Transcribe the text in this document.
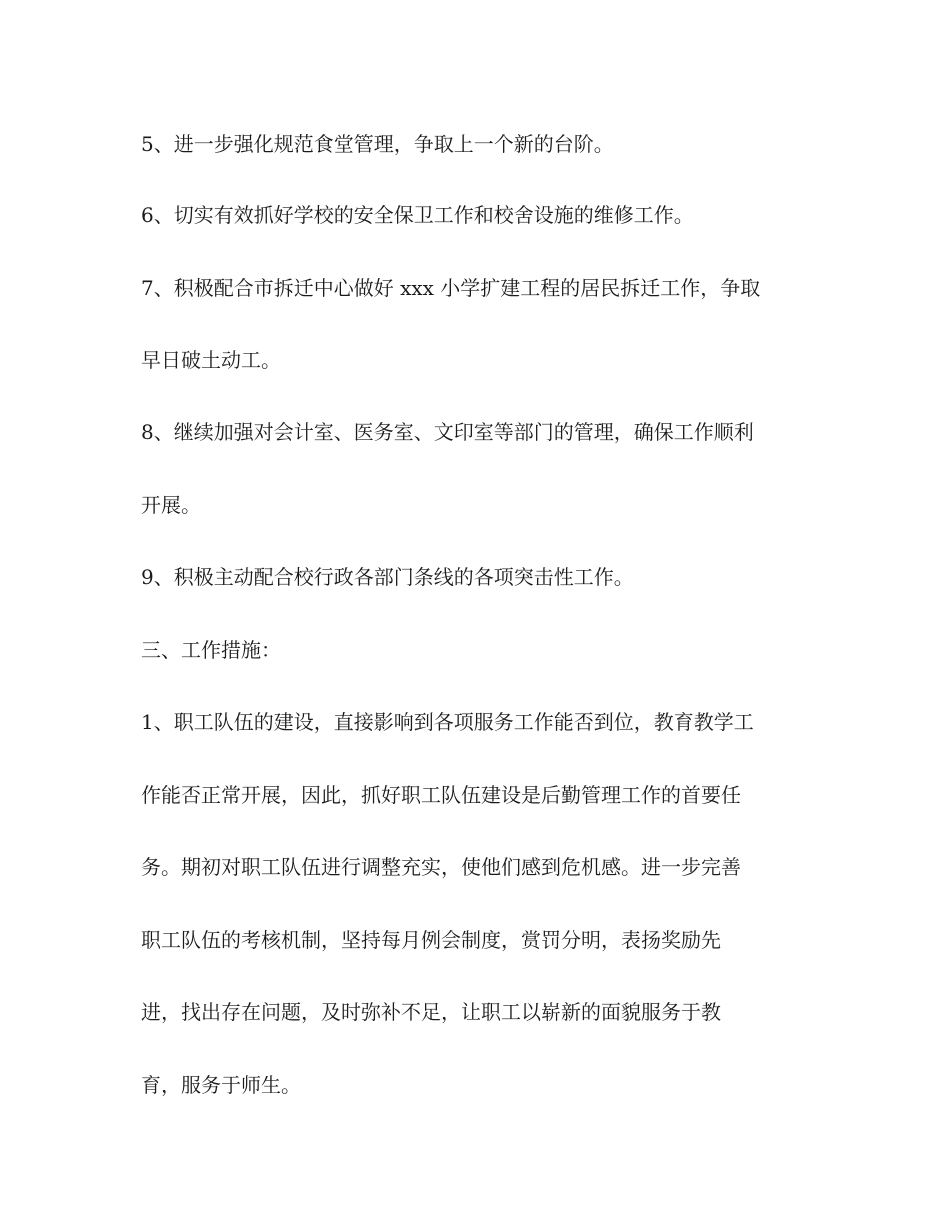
5、进一步强化规范食堂管理，争取上一个新的台阶。
6、切实有效抓好学校的安全保卫工作和校舍设施的维修工作。
7、积极配合市拆迁中心做好 xxx 小学扩建工程的居民拆迁工作，争取
早日破土动工。
8、继续加强对会计室、医务室、文印室等部门的管理，确保工作顺利
开展。
9、积极主动配合校行政各部门条线的各项突击性工作。
三、工作措施：
1、职工队伍的建设，直接影响到各项服务工作能否到位，教育教学工
作能否正常开展，因此，抓好职工队伍建设是后勤管理工作的首要任
务。期初对职工队伍进行调整充实，使他们感到危机感。进一步完善
职工队伍的考核机制，坚持每月例会制度，赏罚分明，表扬奖励先
进，找出存在问题，及时弥补不足，让职工以崭新的面貌服务于教
育，服务于师生。
